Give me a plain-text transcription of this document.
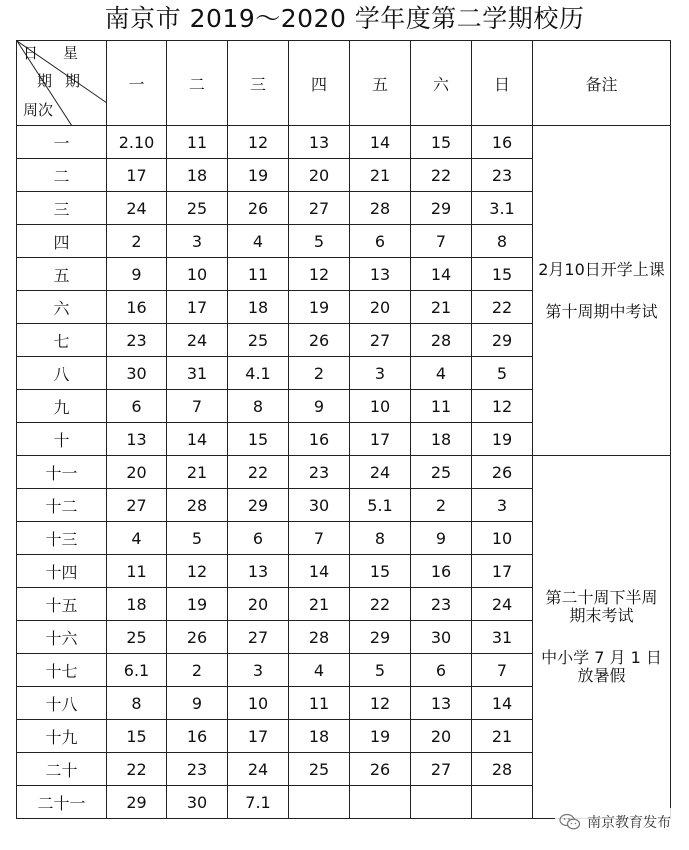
南京市 2019～2020 学年度第二学期校历
日 星
期 期
周次	一	二	三	四	五	六	日	备注
一	2.10	11	12	13	14	15	16	2月10日开学上课
第十周期中考试

二	17	18	19	20	21	22	23	
三	24	25	26	27	28	29	3.1	
四	2	3	4	5	6	7	8	
五	9	10	11	12	13	14	15	
六	16	17	18	19	20	21	22	
七	23	24	25	26	27	28	29	
八	30	31	4.1	2	3	4	5	
九	6	7	8	9	10	11	12	
十	13	14	15	16	17	18	19	
十一	20	21	22	23	24	25	26	第二十周下半周
期末考试
中小学 7 月 1 日
放暑假

十二	27	28	29	30	5.1	2	3	
十三	4	5	6	7	8	9	10	
十四	11	12	13	14	15	16	17	
十五	18	19	20	21	22	23	24	
十六	25	26	27	28	29	30	31	
十七	6.1	2	3	4	5	6	7	
十八	8	9	10	11	12	13	14	
十九	15	16	17	18	19	20	21	
二十	22	23	24	25	26	27	28	
二十一	29	30	7.1					
南京教育发布
